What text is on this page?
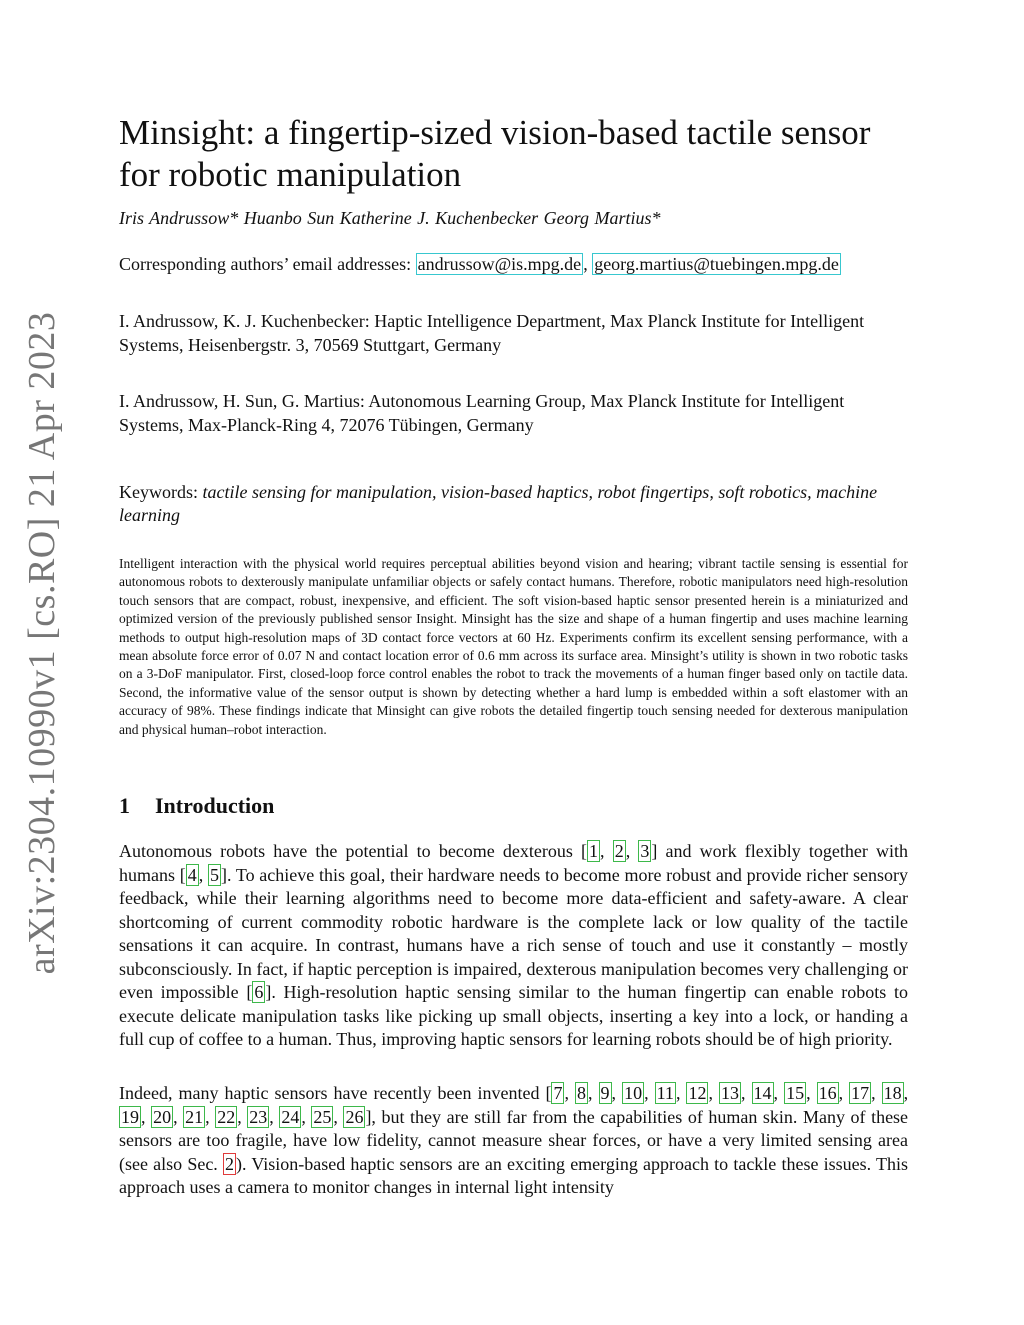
arXiv:2304.10990v1 [cs.RO] 21 Apr 2023
Minsight: a fingertip-sized vision-based tactile sensor for robotic manipulation
Iris Andrussow* Huanbo Sun Katherine J. Kuchenbecker Georg Martius*
Corresponding authors’ email addresses: andrussow@is.mpg.de , georg.martius@tuebingen.mpg.de
I. Andrussow, K. J. Kuchenbecker: Haptic Intelligence Department, Max Planck Institute for Intelligent Systems, Heisenbergstr. 3, 70569 Stuttgart, Germany
I. Andrussow, H. Sun, G. Martius: Autonomous Learning Group, Max Planck Institute for Intelligent Systems, Max-Planck-Ring 4, 72076 Tübingen, Germany
Keywords: tactile sensing for manipulation, vision-based haptics, robot fingertips, soft robotics, machine learning
Intelligent interaction with the physical world requires perceptual abilities beyond vision and hearing; vibrant tactile sensing is essential for autonomous robots to dexterously manipulate unfamiliar objects or safely contact humans. Therefore, robotic manipulators need high-resolution touch sensors that are compact, robust, inexpensive, and efficient. The soft vision-based haptic sensor presented herein is a miniaturized and optimized version of the previously published sensor Insight. Minsight has the size and shape of a human fingertip and uses machine learning methods to output high-resolution maps of 3D contact force vectors at 60 Hz. Experiments confirm its excellent sensing performance, with a mean absolute force error of 0.07 N and contact location error of 0.6 mm across its surface area. Minsight’s utility is shown in two robotic tasks on a 3-DoF manipulator. First, closed-loop force control enables the robot to track the movements of a human finger based only on tactile data. Second, the informative value of the sensor output is shown by detecting whether a hard lump is embedded within a soft elastomer with an accuracy of 98%. These findings indicate that Minsight can give robots the detailed fingertip touch sensing needed for dexterous manipulation and physical human–robot interaction.
1 Introduction
Autonomous robots have the potential to become dexterous [ 1 , 2 , 3 ] and work flexibly together with humans [ 4 , 5 ]. To achieve this goal, their hardware needs to become more robust and provide richer sensory feedback, while their learning algorithms need to become more data-efficient and safety-aware. A clear shortcoming of current commodity robotic hardware is the complete lack or low quality of the tactile sensations it can acquire. In contrast, humans have a rich sense of touch and use it constantly – mostly subconsciously. In fact, if haptic perception is impaired, dexterous manipulation becomes very challenging or even impossible [ 6 ]. High-resolution haptic sensing similar to the human fingertip can enable robots to execute delicate manipulation tasks like picking up small objects, inserting a key into a lock, or handing a full cup of coffee to a human. Thus, improving haptic sensors for learning robots should be of high priority.
Indeed, many haptic sensors have recently been invented [ 7 , 8 , 9 , 10 , 11 , 12 , 13 , 14 , 15 , 16 , 17 , 18 , 19 , 20 , 21 , 22 , 23 , 24 , 25 , 26 ], but they are still far from the capabilities of human skin. Many of these sensors are too fragile, have low fidelity, cannot measure shear forces, or have a very limited sensing area (see also Sec. 2 ). Vision-based haptic sensors are an exciting emerging approach to tackle these issues. This approach uses a camera to monitor changes in internal light intensity
